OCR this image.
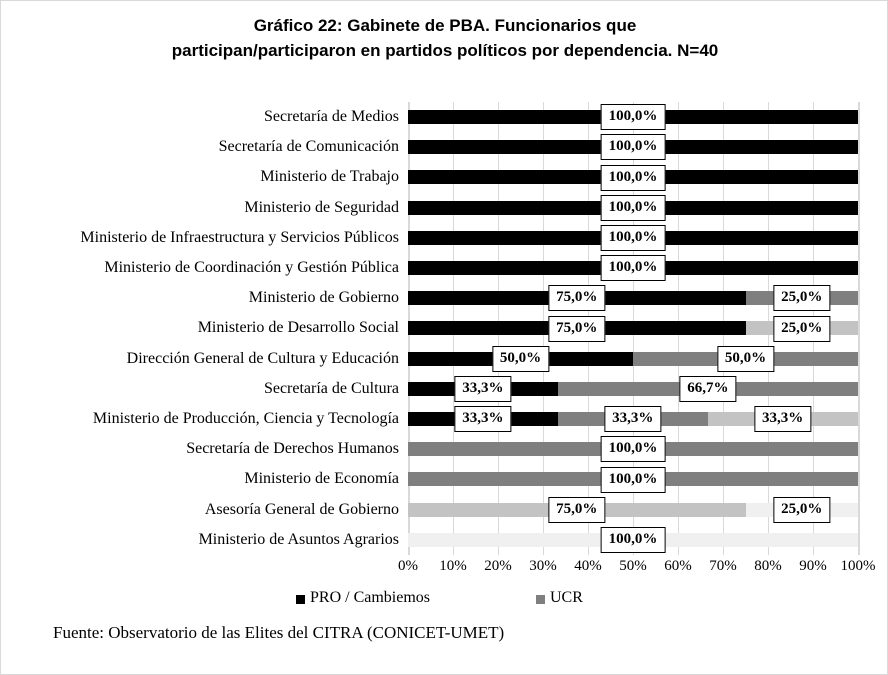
Gráfico 22: Gabinete de PBA. Funcionarios que
participan/participaron en partidos políticos por dependencia. N=40
Secretaría de Medios
Secretaría de Comunicación
Ministerio de Trabajo
Ministerio de Seguridad
Ministerio de Infraestructura y Servicios Públicos
Ministerio de Coordinación y Gestión Pública
Ministerio de Gobierno
Ministerio de Desarrollo Social
Dirección General de Cultura y Educación
Secretaría de Cultura
Ministerio de Producción, Ciencia y Tecnología
Secretaría de Derechos Humanos
Ministerio de Economía
Asesoría General de Gobierno
Ministerio de Asuntos Agrarios
100,0%
100,0%
100,0%
100,0%
100,0%
100,0%
75,0%	25,0%
75,0%	25,0%
50,0%	50,0%
33,3%	66,7%
33,3%	33,3%	33,3%
100,0%
100,0%
75,0%	25,0%
100,0%
0% 10% 20% 30% 40% 50% 60% 70% 80% 90% 100%
PRO / Cambiemos	UCR
Fuente: Observatorio de las Elites del CITRA (CONICET-UMET)
